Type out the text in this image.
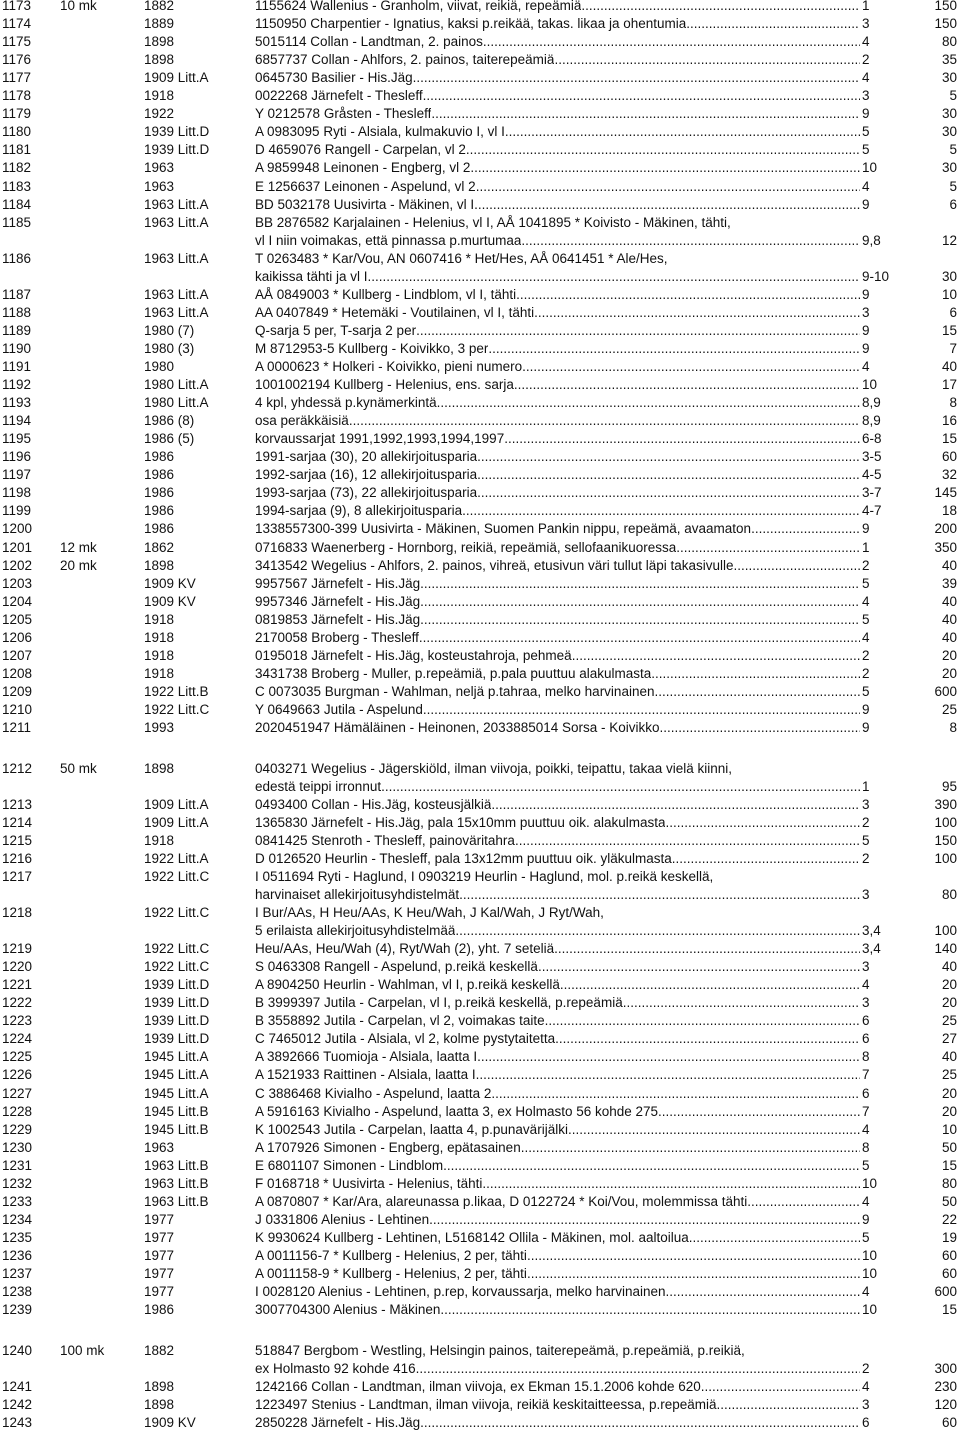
1173 10 mk	1882	1155624 Wallenius - Granholm, viivat, reikiä, repeämiä .....	1	150
1174	1889	1150950 Charpentier - Ignatius, kaksi p.reikää, takas. likaa ja ohentumia .....	3	150
1175	1898	5015114 Collan - Landtman, 2. painos .....	4	80
1176	1898	6857737 Collan - Ahlfors, 2. painos, taiterepeämiä .....	2	35
1177	1909 Litt.A	0645730 Basilier - His.Jäg .....	4	30
1178	1918	0022268 Järnefelt - Thesleff .....	3	5
1179	1922	Y 0212578 Gråsten - Thesleff .....	9	30
1180	1939 Litt.D	A 0983095 Ryti - Alsiala, kulmakuvio I, vl I .....	5	30
1181	1939 Litt.D	D 4659076 Rangell - Carpelan, vl 2 .....	5	5
1182	1963	A 9859948 Leinonen - Engberg, vl 2 .....	10	30
1183	1963	E 1256637 Leinonen - Aspelund, vl 2 .....	4	5
1184	1963 Litt.A	BD 5032178 Uusivirta - Mäkinen, vl I .....	9	6
1185	1963 Litt.A	BB 2876582 Karjalainen - Helenius, vl I, AÅ 1041895 * Koivisto - Mäkinen, tähti,
vl I niin voimakas, että pinnassa p.murtumaa .....	9,8	12
1186	1963 Litt.A	T 0263483 * Kar/Vou, AN 0607416 * Het/Hes, AÅ 0641451 * Ale/Hes,
kaikissa tähti ja vl I .....	9-10	30
1187	1963 Litt.A	AÅ 0849003 * Kullberg - Lindblom, vl I, tähti .....	9	10
1188	1963 Litt.A	AA 0407849 * Hetemäki - Voutilainen, vl I, tähti .....	3	6
1189	1980 (7)	Q-sarja 5 per, T-sarja 2 per .....	9	15
1190	1980 (3)	M 8712953-5 Kullberg - Koivikko, 3 per .....	9	7
1191	1980	A 0000623 * Holkeri - Koivikko, pieni numero .....	4	40
1192	1980 Litt.A	1001002194 Kullberg - Helenius, ens. sarja .....	10	17
1193	1980 Litt.A	4 kpl, yhdessä p.kynämerkintä .....	8,9	8
1194	1986 (8)	osa peräkkäisiä .....	8,9	16
1195	1986 (5)	korvaussarjat 1991,1992,1993,1994,1997 .....	6-8	15
1196	1986	1991-sarjaa (30), 20 allekirjoitusparia .....	3-5	60
1197	1986	1992-sarjaa (16), 12 allekirjoitusparia .....	4-5	32
1198	1986	1993-sarjaa (73), 22 allekirjoitusparia .....	3-7	145
1199	1986	1994-sarjaa (9), 8 allekirjoitusparia .....	4-7	18
1200	1986	1338557300-399 Uusivirta - Mäkinen, Suomen Pankin nippu, repeämä, avaamaton .....	9	200
1201 12 mk	1862	0716833 Waenerberg - Hornborg, reikiä, repeämiä, sellofaanikuoressa .....	1	350
1202 20 mk	1898	3413542 Wegelius - Ahlfors, 2. painos, vihreä, etusivun väri tullut läpi takasivulle .....	2	40
1203	1909 KV	9957567 Järnefelt - His.Jäg .....	5	39
1204	1909 KV	9957346 Järnefelt - His.Jäg .....	4	40
1205	1918	0819853 Järnefelt - His.Jäg .....	5	40
1206	1918	2170058 Broberg - Thesleff .....	4	40
1207	1918	0195018 Järnefelt - His.Jäg, kosteustahroja, pehmeä .....	2	20
1208	1918	3431738 Broberg - Muller, p.repeämiä, p.pala puuttuu alakulmasta .....	2	20
1209	1922 Litt.B	C 0073035 Burgman - Wahlman, neljä p.tahraa, melko harvinainen .....	5	600
1210	1922 Litt.C	Y 0649663 Jutila - Aspelund .....	9	25
1211	1993	2020451947 Hämäläinen - Heinonen, 2033885014 Sorsa - Koivikko .....	9	8
1212 50 mk	1898	0403271 Wegelius - Jägerskiöld, ilman viivoja, poikki, teipattu, takaa vielä kiinni,
edestä teippi irronnut .....	1	95
1213	1909 Litt.A	0493400 Collan - His.Jäg, kosteusjälkiä .....	3	390
1214	1909 Litt.A	1365830 Järnefelt - His.Jäg, pala 15x10mm puuttuu oik. alakulmasta .....	2	100
1215	1918	0841425 Stenroth - Thesleff, painoväritahra .....	5	150
1216	1922 Litt.A	D 0126520 Heurlin - Thesleff, pala 13x12mm puuttuu oik. yläkulmasta .....	2	100
1217	1922 Litt.C	I 0511694 Ryti - Haglund, I 0903219 Heurlin - Haglund, mol. p.reikä keskellä,
harvinaiset allekirjoitusyhdistelmät .....	3	80
1218	1922 Litt.C	I Bur/AAs, H Heu/AAs, K Heu/Wah, J Kal/Wah, J Ryt/Wah,
5 erilaista allekirjoitusyhdistelmää .....	3,4	100
1219	1922 Litt.C	Heu/AAs, Heu/Wah (4), Ryt/Wah (2), yht. 7 seteliä .....	3,4	140
1220	1922 Litt.C	S 0463308 Rangell - Aspelund, p.reikä keskellä .....	3	40
1221	1939 Litt.D	A 8904250 Heurlin - Wahlman, vl I, p.reikä keskellä .....	4	20
1222	1939 Litt.D	B 3999397 Jutila - Carpelan, vl I, p.reikä keskellä, p.repeämiä .....	3	20
1223	1939 Litt.D	B 3558892 Jutila - Carpelan, vl 2, voimakas taite .....	6	25
1224	1939 Litt.D	C 7465012 Jutila - Alsiala, vl 2, kolme pystytaitetta .....	6	27
1225	1945 Litt.A	A 3892666 Tuomioja - Alsiala, laatta I .....	8	40
1226	1945 Litt.A	A 1521933 Raittinen - Alsiala, laatta I .....	7	25
1227	1945 Litt.A	C 3886468 Kivialho - Aspelund, laatta 2 .....	6	20
1228	1945 Litt.B	A 5916163 Kivialho - Aspelund, laatta 3, ex Holmasto 56 kohde 275 .....	7	20
1229	1945 Litt.B	K 1002543 Jutila - Carpelan, laatta 4, p.punavärijälki .....	4	10
1230	1963	A 1707926 Simonen - Engberg, epätasainen .....	8	50
1231	1963 Litt.B	E 6801107 Simonen - Lindblom .....	5	15
1232	1963 Litt.B	F 0168718 * Uusivirta - Helenius, tähti .....	10	80
1233	1963 Litt.B	A 0870807 * Kar/Ara, alareunassa p.likaa, D 0122724 * Koi/Vou, molemmissa tähti .....	4	50
1234	1977	J 0331806 Alenius - Lehtinen .....	9	22
1235	1977	K 9930624 Kullberg - Lehtinen, L5168142 Ollila - Mäkinen, mol. aaltoilua .....	5	19
1236	1977	A 0011156-7 * Kullberg - Helenius, 2 per, tähti .....	10	60
1237	1977	A 0011158-9 * Kullberg - Helenius, 2 per, tähti .....	10	60
1238	1977	I 0028120 Alenius - Lehtinen, p.rep, korvaussarja, melko harvinainen .....	4	600
1239	1986	3007704300 Alenius - Mäkinen .....	10	15
1240 100 mk	1882	518847 Bergbom - Westling, Helsingin painos, taiterepeämä, p.repeämiä, p.reikiä,
ex Holmasto 92 kohde 416 .....	2	300
1241	1898	1242166 Collan - Landtman, ilman viivoja, ex Ekman 15.1.2006 kohde 620 .....	4	230
1242	1898	1223497 Stenius - Landtman, ilman viivoja, reikiä keskitaitteessa, p.repeämiä .....	3	120
1243	1909 KV	2850228 Järnefelt - His.Jäg .....	6	60
